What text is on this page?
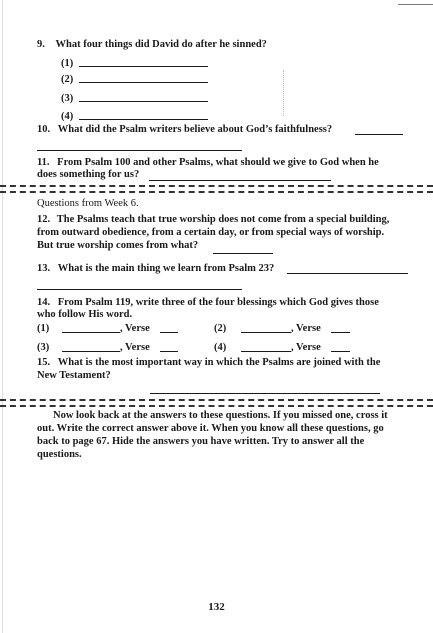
9. What four things did David do after he sinned?
(1)
(2)
(3)
(4)
10. What did the Psalm writers believe about God’s faithfulness?
11. From Psalm 100 and other Psalms, what should we give to God when he
does something for us?
Questions from Week 6.
12. The Psalms teach that true worship does not come from a special building,
from outward obedience, from a certain day, or from special ways of worship.
But true worship comes from what?
13. What is the main thing we learn from Psalm 23?
14. From Psalm 119, write three of the four blessings which God gives those
who follow His word.
(1)	, Verse	(2)	, Verse
(3)	, Verse	(4)	, Verse
15. What is the most important way in which the Psalms are joined with the
New Testament?
Now look back at the answers to these questions. If you missed one, cross it
out. Write the correct answer above it. When you know all these questions, go
back to page 67. Hide the answers you have written. Try to answer all the
questions.
132
